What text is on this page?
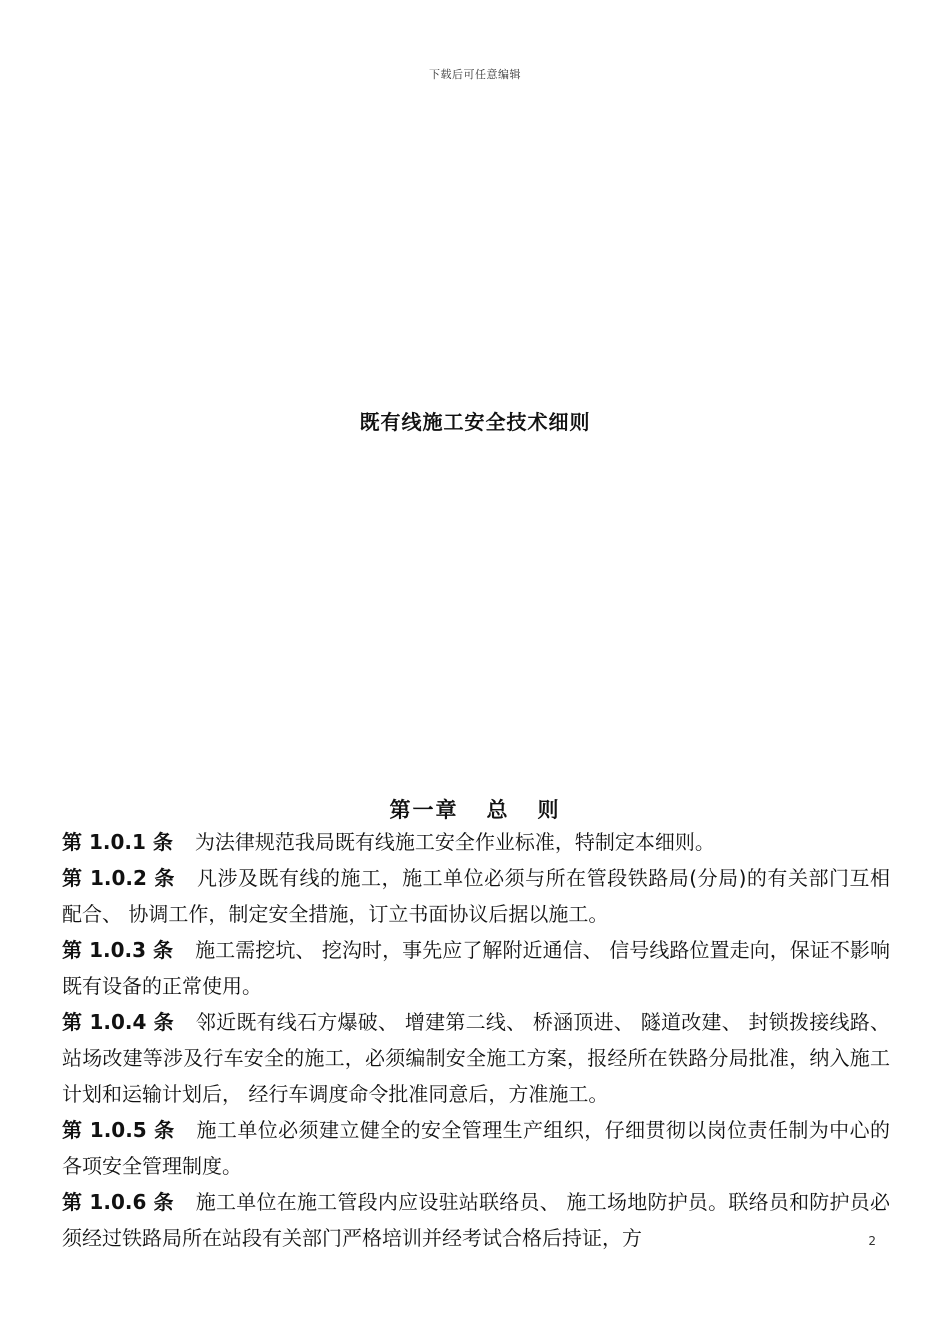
下载后可任意编辑
既有线施工安全技术细则
第一章 总 则

第 1.0.1 条 为法律规范我局既有线施工安全作业标准，特制定本细则。

第 1.0.2 条 凡涉及既有线的施工，施工单位必须与所在管段铁路局(分局)的有关部门互相配合、 协调工作，制定安全措施，订立书面协议后据以施工。

第 1.0.3 条 施工需挖坑、 挖沟时，事先应了解附近通信、 信号线路位置走向，保证不影响既有设备的正常使用。

第 1.0.4 条 邻近既有线石方爆破、 增建第二线、 桥涵顶进、 隧道改建、 封锁拨接线路、 站场改建等涉及行车安全的施工，必须编制安全施工方案，报经所在铁路分局批准，纳入施工计划和运输计划后， 经行车调度命令批准同意后，方准施工。

第 1.0.5 条 施工单位必须建立健全的安全管理生产组织，仔细贯彻以岗位责任制为中心的各项安全管理制度。

第 1.0.6 条 施工单位在施工管段内应设驻站联络员、 施工场地防护员。联络员和防护员必须经过铁路局所在站段有关部门严格培训并经考试合格后持证，方	2
